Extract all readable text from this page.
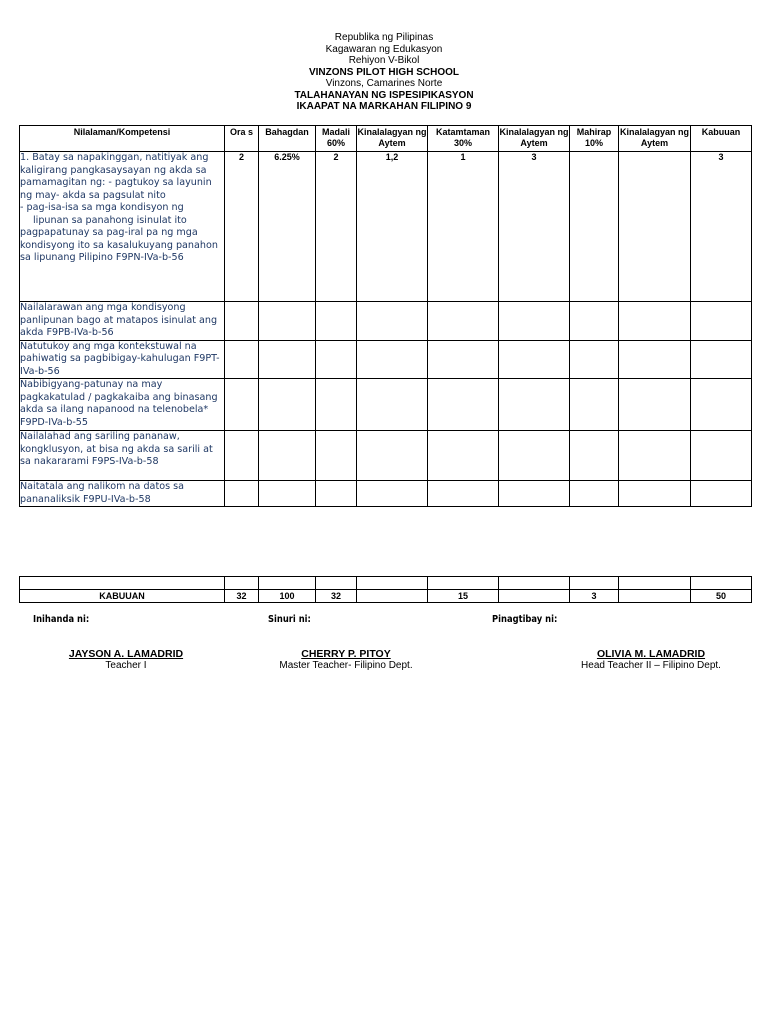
Republika ng Pilipinas
Kagawaran ng Edukasyon
Rehiyon V-Bikol
VINZONS PILOT HIGH SCHOOL
Vinzons, Camarines Norte
TALAHANAYAN NG ISPESIPIKASYON
IKAAPAT NA MARKAHAN FILIPINO 9
Nilalaman/Kompetensi	Ora s	Bahagdan	Madali 60%	Kinalalagyan ng Aytem	Katamtaman 30%	Kinalalagyan ng Aytem	Mahirap 10%	Kinalalagyan ng Aytem	Kabuuan
1. Batay sa napakinggan, natitiyak ang kaligirang pangkasaysayan ng akda sa pamamagitan ng: - pagtukoy sa layunin ng may- akda sa pagsulat nito
- pag-isa-isa sa mga kondisyon ng
lipunan sa panahong isinulat ito
pagpapatunay sa pag-iral pa ng mga kondisyong ito sa kasalukuyang panahon sa lipunang Pilipino F9PN-IVa-b-56	2	6.25%	2	1,2	1	3			3
Nailalarawan ang mga kondisyong panlipunan bago at matapos isinulat ang akda F9PB-IVa-b-56									
Natutukoy ang mga kontekstuwal na pahiwatig sa pagbibigay-kahulugan F9PT-IVa-b-56									
Nabibigyang-patunay na may pagkakatulad / pagkakaiba ang binasang akda sa ilang napanood na telenobela* F9PD-IVa-b-55									
Nailalahad ang sariling pananaw, kongklusyon, at bisa ng akda sa sarili at sa nakararami F9PS-IVa-b-58									
Naitatala ang nalikom na datos sa pananaliksik F9PU-IVa-b-58									

KABUUAN	32	100	32		15		3		50
Inihanda ni:	Sinuri ni:	Pinagtibay ni:
JAYSON A. LAMADRID
Teacher I
CHERRY P. PITOY
Master Teacher- Filipino Dept.
OLIVIA M. LAMADRID
Head Teacher II – Filipino Dept.
